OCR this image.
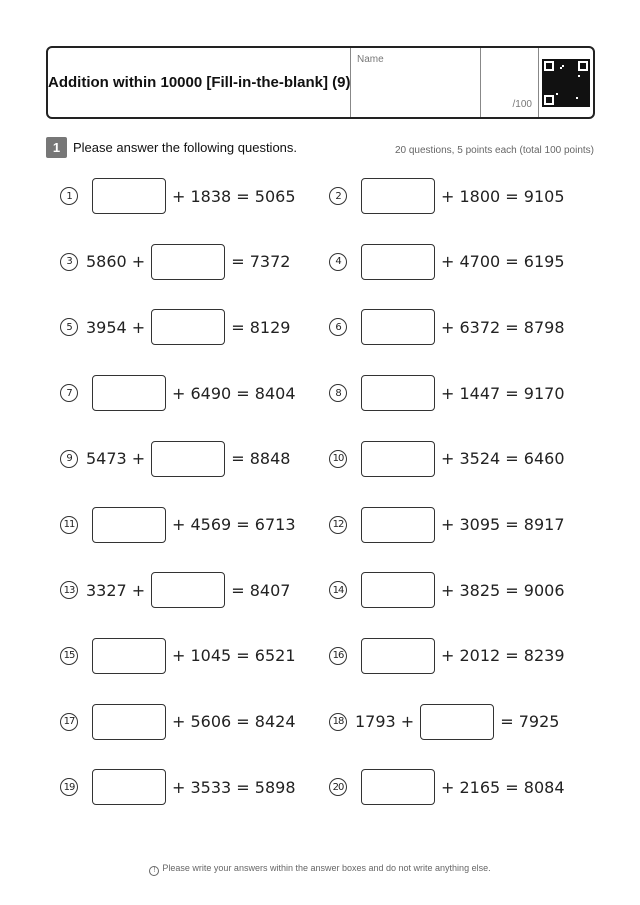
Addition within 10000 [Fill-in-the-blank] (9)
Name
/100
1 Please answer the following questions.	20 questions, 5 points each (total 100 points)
1	+ 1838 = 5065	2	+ 1800 = 9105
3 5860 +	= 7372	4	+ 4700 = 6195
5 3954 +	= 8129	6	+ 6372 = 8798
7	+ 6490 = 8404	8	+ 1447 = 9170
9 5473 +	= 8848	10	+ 3524 = 6460
11	+ 4569 = 6713	12	+ 3095 = 8917
13 3327 +	= 8407	14	+ 3825 = 9006
15	+ 1045 = 6521	16	+ 2012 = 8239
17	+ 5606 = 8424	18 1793 +	= 7925
19	+ 3533 = 5898	20	+ 2165 = 8084
! Please write your answers within the answer boxes and do not write anything else.
